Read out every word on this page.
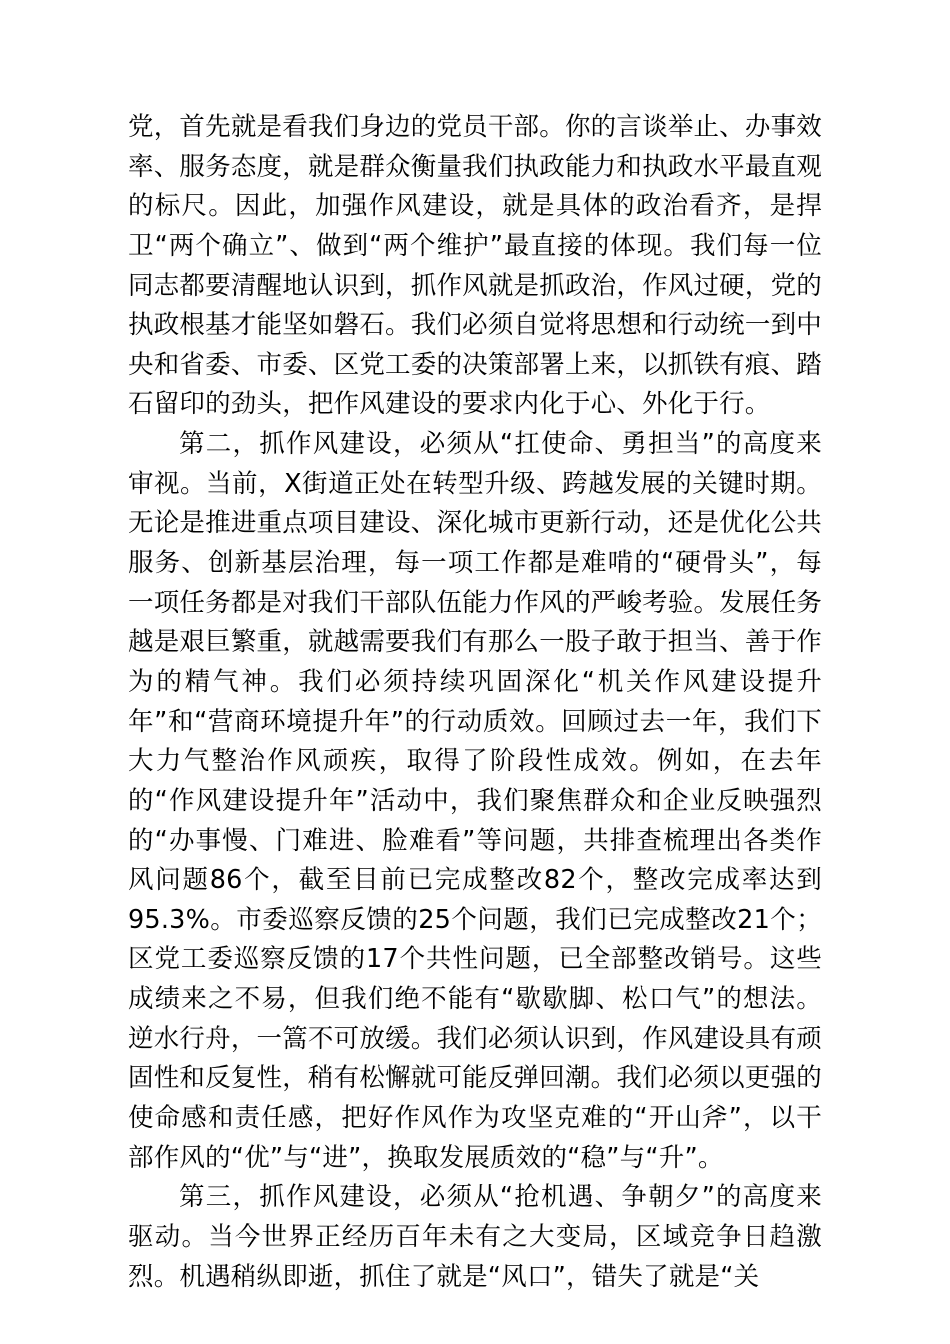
党，首先就是看我们身边的党员干部。你的言谈举止、办事效率、服务态度，就是群众衡量我们执政能力和执政水平最直观的标尺。因此，加强作风建设，就是具体的政治看齐，是捍卫“两个确立”、做到“两个维护”最直接的体现。我们每一位同志都要清醒地认识到，抓作风就是抓政治，作风过硬，党的执政根基才能坚如磐石。我们必须自觉将思想和行动统一到中央和省委、市委、区党工委的决策部署上来，以抓铁有痕、踏石留印的劲头，把作风建设的要求内化于心、外化于行。

第二，抓作风建设，必须从“扛使命、勇担当”的高度来审视。当前，X街道正处在转型升级、跨越发展的关键时期。无论是推进重点项目建设、深化城市更新行动，还是优化公共服务、创新基层治理，每一项工作都是难啃的“硬骨头”，每一项任务都是对我们干部队伍能力作风的严峻考验。发展任务越是艰巨繁重，就越需要我们有那么一股子敢于担当、善于作为的精气神。我们必须持续巩固深化“机关作风建设提升年”和“营商环境提升年”的行动质效。回顾过去一年，我们下大力气整治作风顽疾，取得了阶段性成效。例如，在去年的“作风建设提升年”活动中，我们聚焦群众和企业反映强烈的“办事慢、门难进、脸难看”等问题，共排查梳理出各类作风问题86个，截至目前已完成整改82个，整改完成率达到95.3%。市委巡察反馈的25个问题，我们已完成整改21个；区党工委巡察反馈的17个共性问题，已全部整改销号。这些成绩来之不易，但我们绝不能有“歇歇脚、松口气”的想法。逆水行舟，一篙不可放缓。我们必须认识到，作风建设具有顽固性和反复性，稍有松懈就可能反弹回潮。我们必须以更强的使命感和责任感，把好作风作为攻坚克难的“开山斧”，以干部作风的“优”与“进”，换取发展质效的“稳”与“升”。

第三，抓作风建设，必须从“抢机遇、争朝夕”的高度来驱动。当今世界正经历百年未有之大变局，区域竞争日趋激烈。机遇稍纵即逝，抓住了就是“风口”，错失了就是“关
